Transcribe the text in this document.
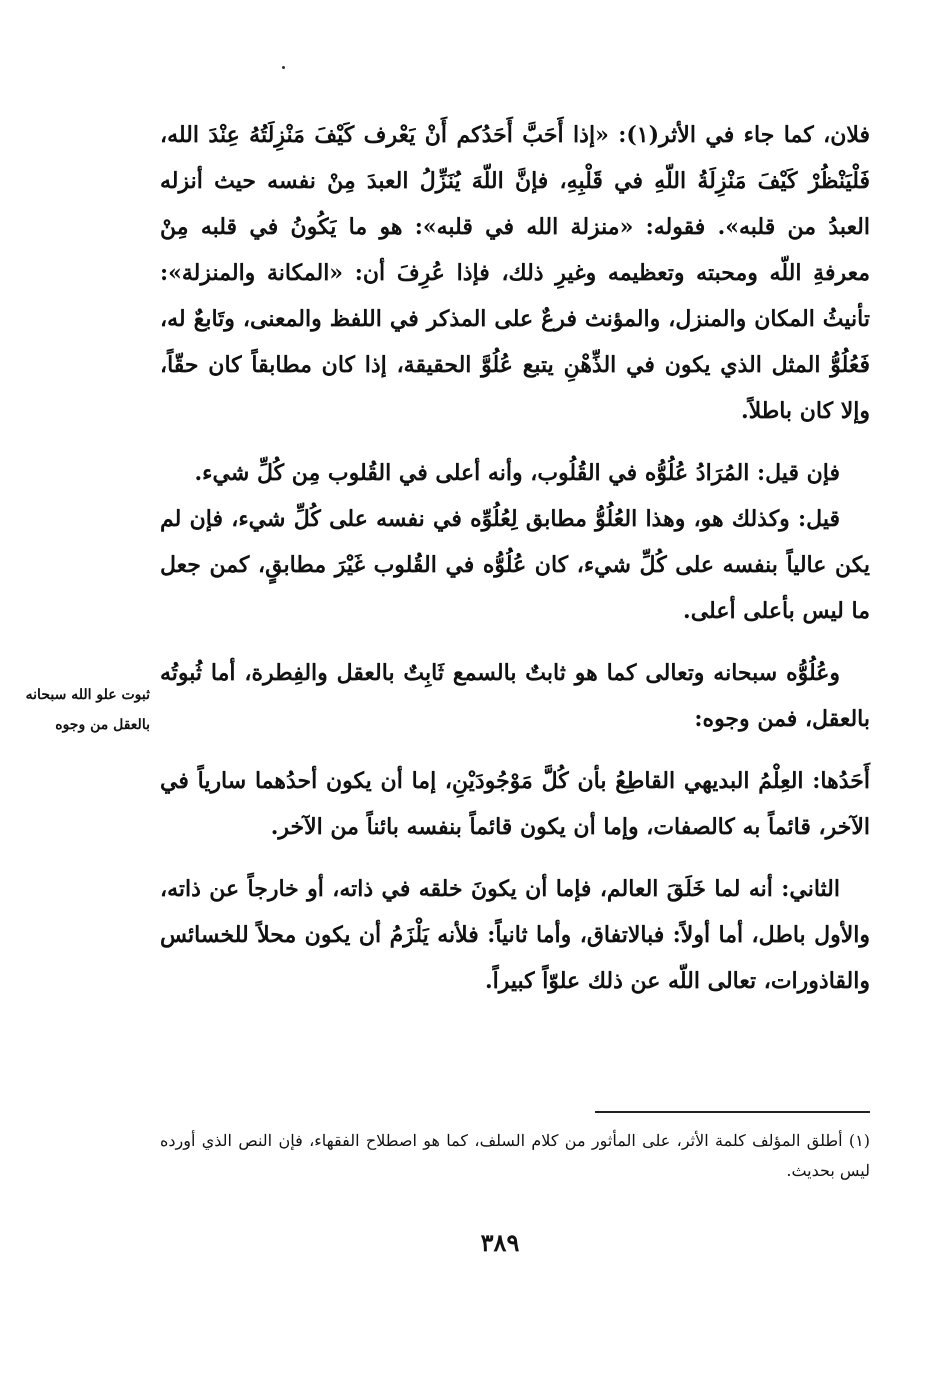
فلان، كما جاء في الأثر(١): «إذا أَحَبَّ أَحَدُكم أَنْ يَعْرف كَيْفَ مَنْزِلَتُهُ عِنْدَ الله، فَلْيَنْظُرْ كَيْفَ مَنْزِلَةُ اللّهِ في قَلْبِهِ، فإنَّ اللّهَ يُنَزِّلُ العبدَ مِنْ نفسه حيث أنزله العبدُ من قلبه». فقوله: «منزلة الله في قلبه»: هو ما يَكُونُ في قلبه مِنْ معرفةِ اللّه ومحبته وتعظيمه وغيرِ ذلك، فإذا عُرِفَ أن: «المكانة والمنزلة»: تأنيثُ المكان والمنزل، والمؤنث فرعٌ على المذكر في اللفظ والمعنى، وتَابعٌ له، فَعُلُوُّ المثل الذي يكون في الذِّهْنِ يتبع عُلُوَّ الحقيقة، إذا كان مطابقاً كان حقّاً، وإلا كان باطلاً.

فإن قيل: المُرَادُ عُلُوُّه في القُلُوب، وأنه أعلى في القُلوب مِن كُلِّ شيء.

قيل: وكذلك هو، وهذا العُلُوُّ مطابق لِعُلُوِّه في نفسه على كُلِّ شيء، فإن لم يكن عالياً بنفسه على كُلِّ شيء، كان عُلُوُّه في القُلوب غَيْرَ مطابقٍ، كمن جعل ما ليس بأعلى أعلى.

وعُلُوُّه سبحانه وتعالى كما هو ثابتٌ بالسمع ثَابِتٌ بالعقل والفِطرة، أما ثُبوتُه بالعقل، فمن وجوه:

أَحَدُها: العِلْمُ البديهي القاطِعُ بأن كُلَّ مَوْجُودَيْنِ، إما أن يكون أحدُهما سارياً في الآخر، قائماً به كالصفات، وإما أن يكون قائماً بنفسه بائناً من الآخر.

الثاني: أنه لما خَلَقَ العالم، فإما أن يكونَ خلقه في ذاته، أو خارجاً عن ذاته، والأول باطل، أما أولاً: فبالاتفاق، وأما ثانياً: فلأنه يَلْزَمُ أن يكون محلاً للخسائس والقاذورات، تعالى اللّه عن ذلك علوّاً كبيراً.

ثبوت علو الله سبحانه
بالعقل من وجوه
(١) أطلق المؤلف كلمة الأثر، على المأثور من كلام السلف، كما هو اصطلاح الفقهاء، فإن النص الذي أورده ليس بحديث.
٣٨٩
